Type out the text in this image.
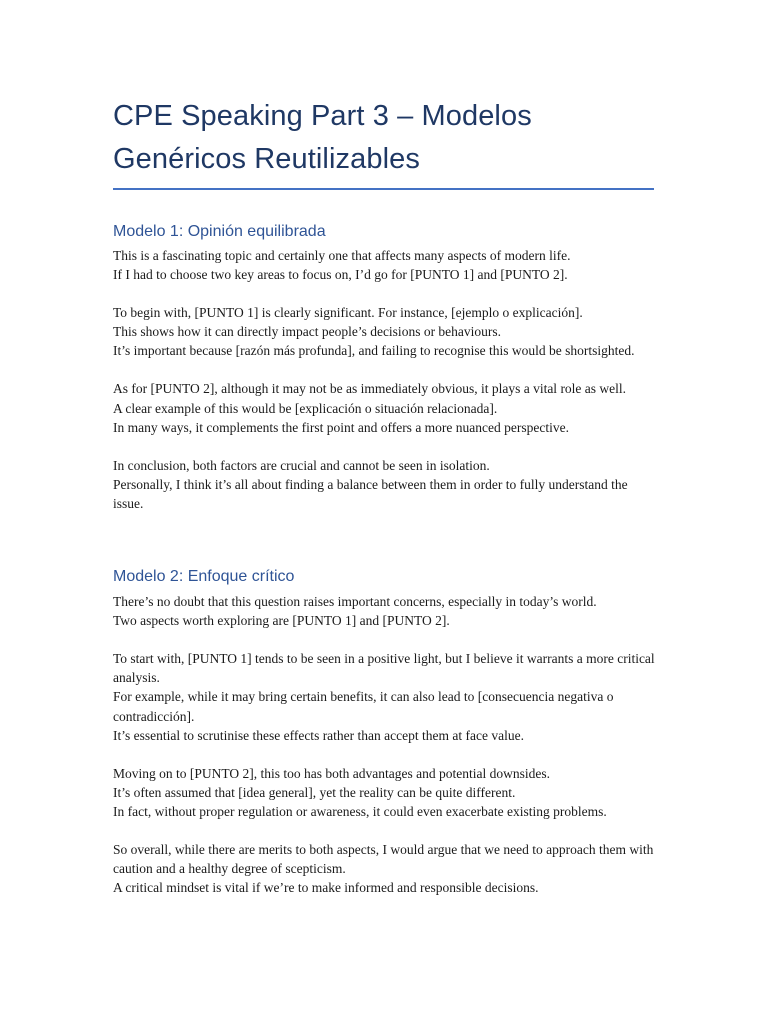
CPE Speaking Part 3 – Modelos
Genéricos Reutilizables
Modelo 1: Opinión equilibrada

This is a fascinating topic and certainly one that affects many aspects of modern life.
If I had to choose two key areas to focus on, I’d go for [PUNTO 1] and [PUNTO 2].

To begin with, [PUNTO 1] is clearly significant. For instance, [ejemplo o explicación].
This shows how it can directly impact people’s decisions or behaviours.
It’s important because [razón más profunda], and failing to recognise this would be shortsighted.

As for [PUNTO 2], although it may not be as immediately obvious, it plays a vital role as well.
A clear example of this would be [explicación o situación relacionada].
In many ways, it complements the first point and offers a more nuanced perspective.

In conclusion, both factors are crucial and cannot be seen in isolation.
Personally, I think it’s all about finding a balance between them in order to fully understand the issue.

Modelo 2: Enfoque crítico

There’s no doubt that this question raises important concerns, especially in today’s world.
Two aspects worth exploring are [PUNTO 1] and [PUNTO 2].

To start with, [PUNTO 1] tends to be seen in a positive light, but I believe it warrants a more critical analysis.
For example, while it may bring certain benefits, it can also lead to [consecuencia negativa o contradicción].
It’s essential to scrutinise these effects rather than accept them at face value.

Moving on to [PUNTO 2], this too has both advantages and potential downsides.
It’s often assumed that [idea general], yet the reality can be quite different.
In fact, without proper regulation or awareness, it could even exacerbate existing problems.

So overall, while there are merits to both aspects, I would argue that we need to approach them with caution and a healthy degree of scepticism.
A critical mindset is vital if we’re to make informed and responsible decisions.
